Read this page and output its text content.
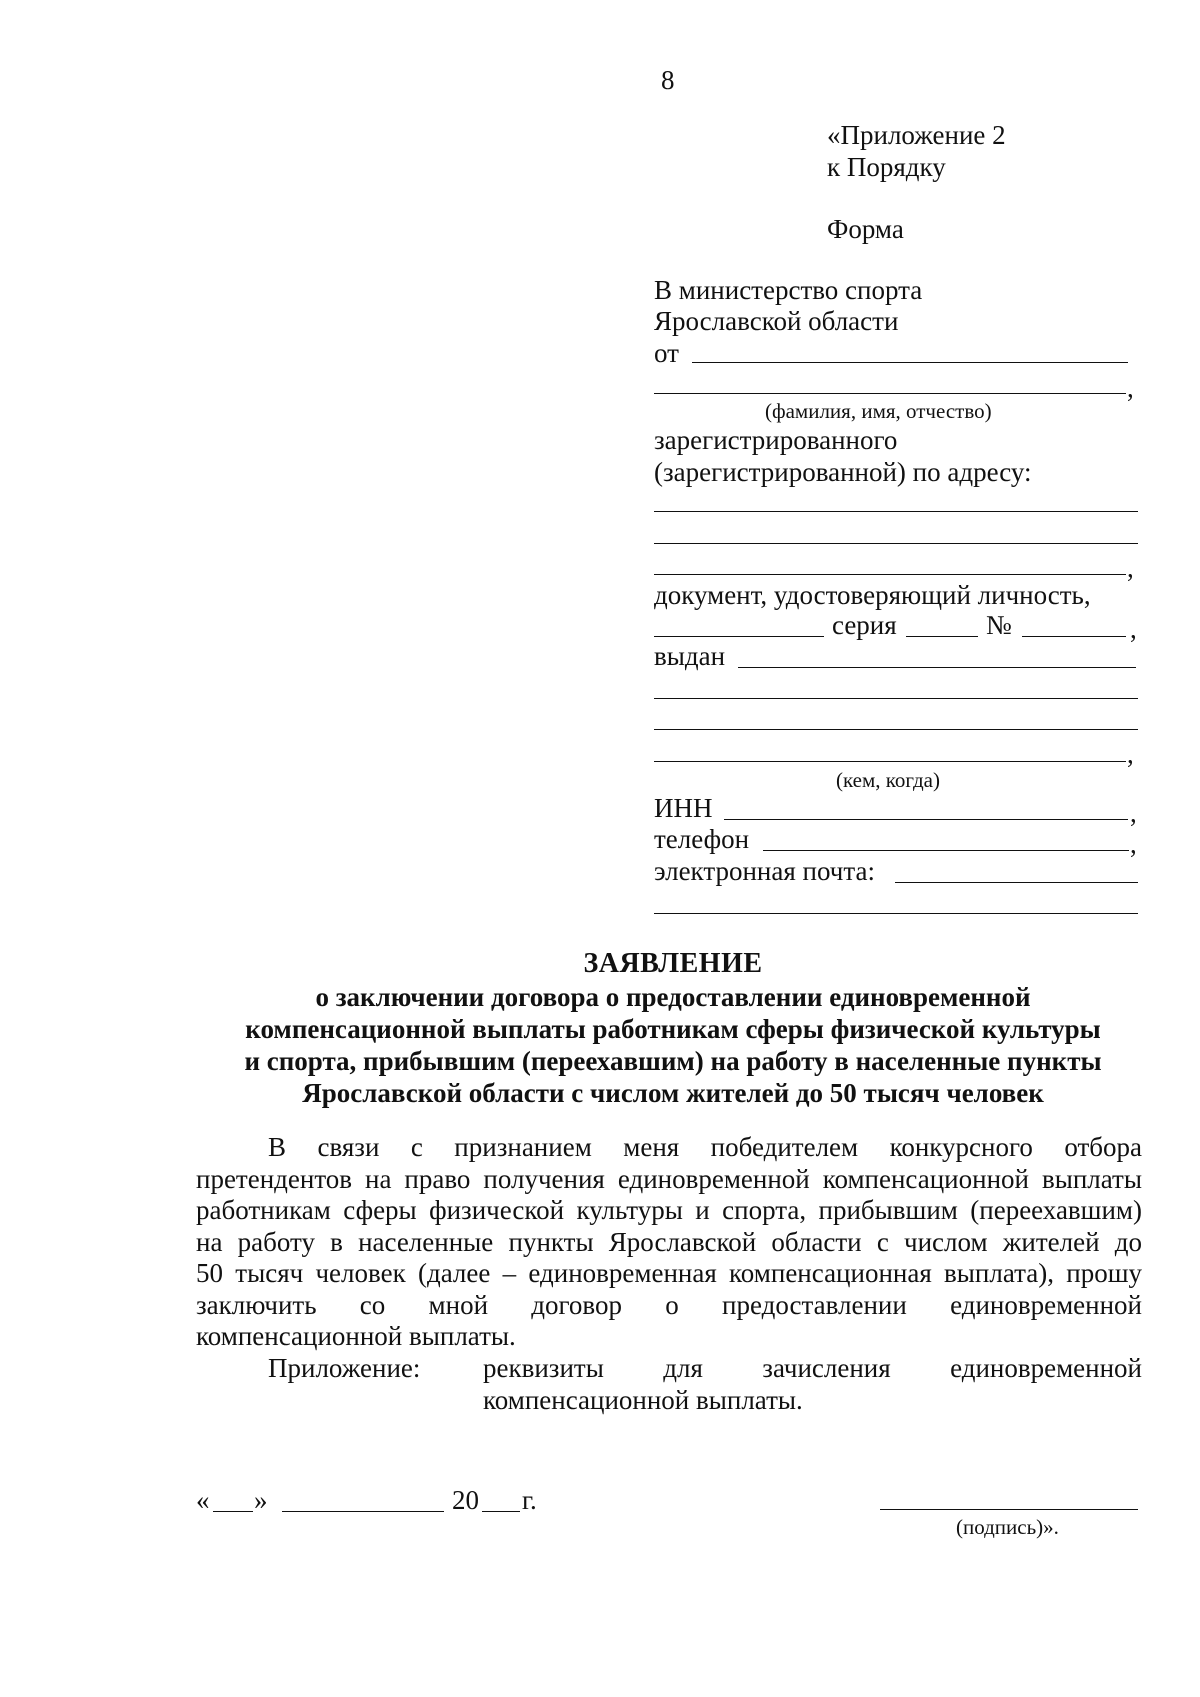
8
«Приложение 2
к Порядку
Форма
В министерство спорта
Ярославской области
от
,
(фамилия, имя, отчество)
зарегистрированного
(зарегистрированной) по адресу:
,
документ, удостоверяющий личность,
серия	№	,
выдан
,
(кем, когда)
ИНН	,
телефон	,
электронная почта:
ЗАЯВЛЕНИЕ
о заключении договора о предоставлении единовременной
компенсационной выплаты работникам сферы физической культуры
и спорта, прибывшим (переехавшим) на работу в населенные пункты
Ярославской области с числом жителей до 50 тысяч человек
В связи с признанием меня победителем конкурсного отбора
претендентов на право получения единовременной компенсационной выплаты
работникам сферы физической культуры и спорта, прибывшим (переехавшим)
на работу в населенные пункты Ярославской области с числом жителей до
50 тысяч человек (далее – единовременная компенсационная выплата), прошу
заключить со мной договор о предоставлении единовременной
компенсационной выплаты.
Приложение: реквизиты для зачисления единовременной
компенсационной выплаты.
« »	20 г.
(подпись)».
